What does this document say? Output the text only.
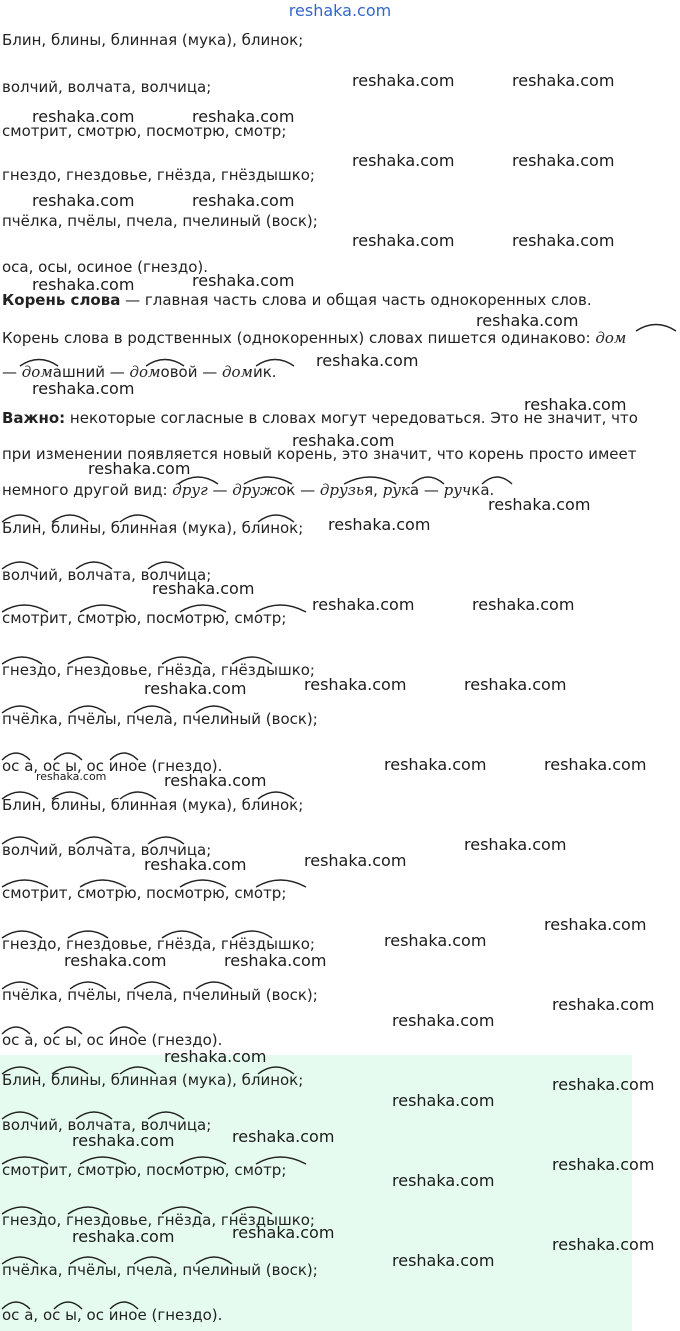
reshaka.com
Блин, блины, блинная (мука), блинок;
волчий, волчата, волчица;
смотрит, смотрю, посмотрю, смотр;
гнездо, гнездовье, гнёзда, гнёздышко;
пчёлка, пчёлы, пчела, пчелиный (воск);
оса, осы, осиное (гнездо).
Корень слова — главная часть слова и общая часть однокоренных слов.
Корень слова в родственных (однокоренных) словах пишется одинаково: дом
— домашний — домовой — домик.
Важно: некоторые согласные в словах могут чередоваться. Это не значит, что
при изменении появляется новый корень, это значит, что корень просто имеет
немного другой вид: друг — дружок — друзья, рука — ручка.
Блин, блины, блинная (мука), блинок;
волчий, волчата, волчица;
смотрит, смотрю, посмотрю, смотр;
гнездо, гнездовье, гнёзда, гнёздышко;
пчёлка, пчёлы, пчела, пчелиный (воск);
ос а, ос ы, ос иное (гнездо).
Блин, блины, блинная (мука), блинок;
волчий, волчата, волчица;
смотрит, смотрю, посмотрю, смотр;
гнездо, гнездовье, гнёзда, гнёздышко;
пчёлка, пчёлы, пчела, пчелиный (воск);
ос а, ос ы, ос иное (гнездо).
Блин, блины, блинная (мука), блинок;
волчий, волчата, волчица;
смотрит, смотрю, посмотрю, смотр;
гнездо, гнездовье, гнёзда, гнёздышко;
пчёлка, пчёлы, пчела, пчелиный (воск);
ос а, ос ы, ос иное (гнездо).
reshaka.com	reshaka.com
reshaka.com	reshaka.com
reshaka.com	reshaka.com
reshaka.com	reshaka.com
reshaka.com	reshaka.com
reshaka.com	reshaka.com
reshaka.com
reshaka.com
reshaka.com
reshaka.com
reshaka.com
reshaka.com
reshaka.com
reshaka.com
reshaka.com
reshaka.com	reshaka.com
reshaka.com	reshaka.com
reshaka.com
reshaka.com	reshaka.com
reshaka.com	reshaka.com
reshaka.com
reshaka.com
reshaka.com
reshaka.com
reshaka.com
reshaka.com	reshaka.com
reshaka.com
reshaka.com
reshaka.com
reshaka.com
reshaka.com
reshaka.com
reshaka.com
reshaka.com
reshaka.com
reshaka.com	reshaka.com
reshaka.com
reshaka.com
